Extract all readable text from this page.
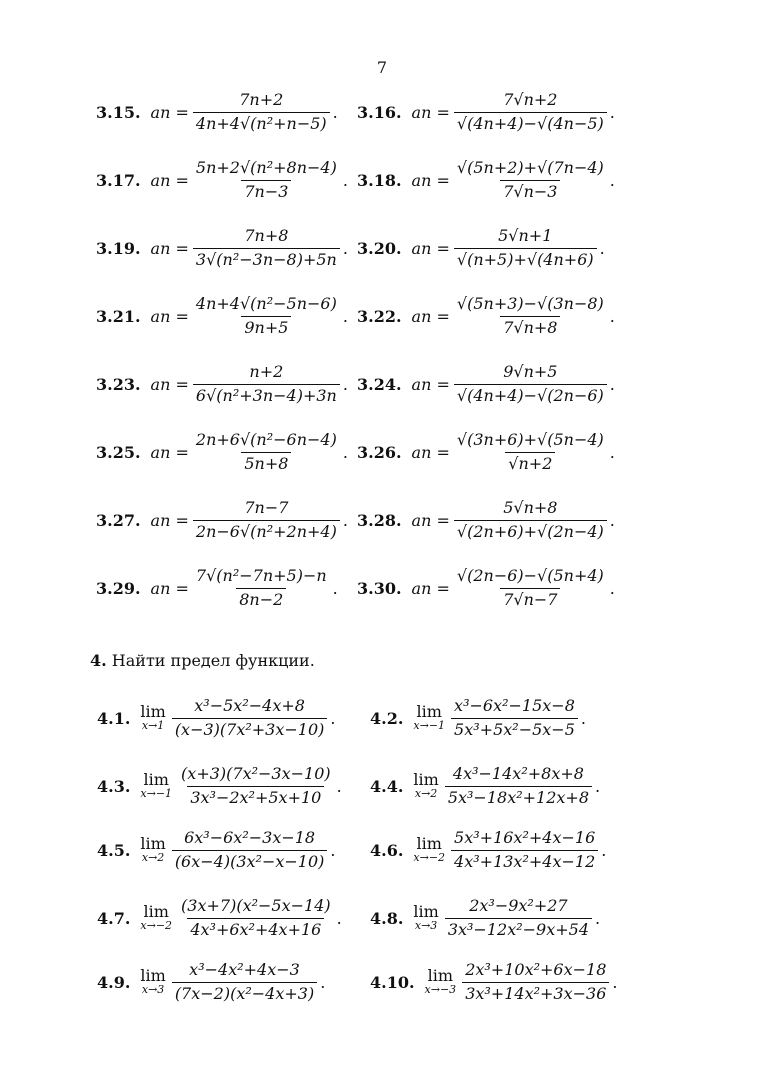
7
3.15. an = $\frac{7n+2}{\text{4n+4√(n²+n−5)}}$ . 3.16. an = $\frac{7√n+2}{√(4n+4)-√(4n-5)}$ .
3.17. an = $\frac{\text{5n+2√(n²+8n−4)}}{7n-3}$ . 3.18. an = $\frac{√(5n+2)+√(7n-4)}{7√n-3}$ .
3.19. an = $\frac{7n+8}{\text{3√(n²−3n−8)+5n}}$ . 3.20. an = $\frac{5√n+1}{√(n+5)+√(4n+6)}$ .
3.21. an = $\frac{\text{4n+4√(n²−5n−6)}}{9n+5}$ . 3.22. an = $\frac{√(5n+3)-√(3n-8)}{7√n+8}$ .
3.23. an = $\frac{n+2}{\text{6√(n²+3n−4)+3n}}$ . 3.24. an = $\frac{9√n+5}{√(4n+4)-√(2n-6)}$ .
3.25. an = $\frac{\text{2n+6√(n²−6n−4)}}{5n+8}$ . 3.26. an = $\frac{√(3n+6)+√(5n-4)}{√n+2}$ .
3.27. an = $\frac{7n-7}{\text{2n−6√(n²+2n+4)}}$ . 3.28. an = $\frac{5√n+8}{√(2n+6)+√(2n-4)}$ .
3.29. an = $\frac{\text{7√(n²−7n+5)−n}}{8n-2}$ . 3.30. an = $\frac{√(2n-6)-√(5n+4)}{7√n-7}$ .
4. Найти предел функции.
4.1. lim
$x\to 1 \frac{\text{x³−5x²−4x+8}}{\text{(x−3)(7x²+3x−10)}}$ . 4.2. lim
$x\to-1 \frac{\text{x³−6x²−15x−8}}{\text{5x³+5x²−5x−5}}$ .
4.3. lim
$x\to-1 \frac{\text{(x+3)(7x²−3x−10)}}{\text{3x³−2x²+5x+10}}$ . 4.4. lim
$x\to 2 \frac{\text{4x³−14x²+8x+8}}{\text{5x³−18x²+12x+8}}$ .
4.5. lim
$x\to 2 \frac{\text{6x³−6x²−3x−18}}{\text{(6x−4)(3x²−x−10)}}$ . 4.6. lim
$x\to-2 \frac{\text{5x³+16x²+4x−16}}{\text{4x³+13x²+4x−12}}$ .
4.7. lim
$x\to-2 \frac{\text{(3x+7)(x²−5x−14)}}{\text{4x³+6x²+4x+16}}$ . 4.8. lim
$x\to 3 \frac{\text{2x³−9x²+27}}{\text{3x³−12x²−9x+54}}$ .
4.9. lim
$x\to 3 \frac{\text{x³−4x²+4x−3}}{\text{(7x−2)(x²−4x+3)}}$ .	4.10. lim
$x\to-3 \frac{\text{2x³+10x²+6x−18}}{\text{3x³+14x²+3x−36}}$ .
